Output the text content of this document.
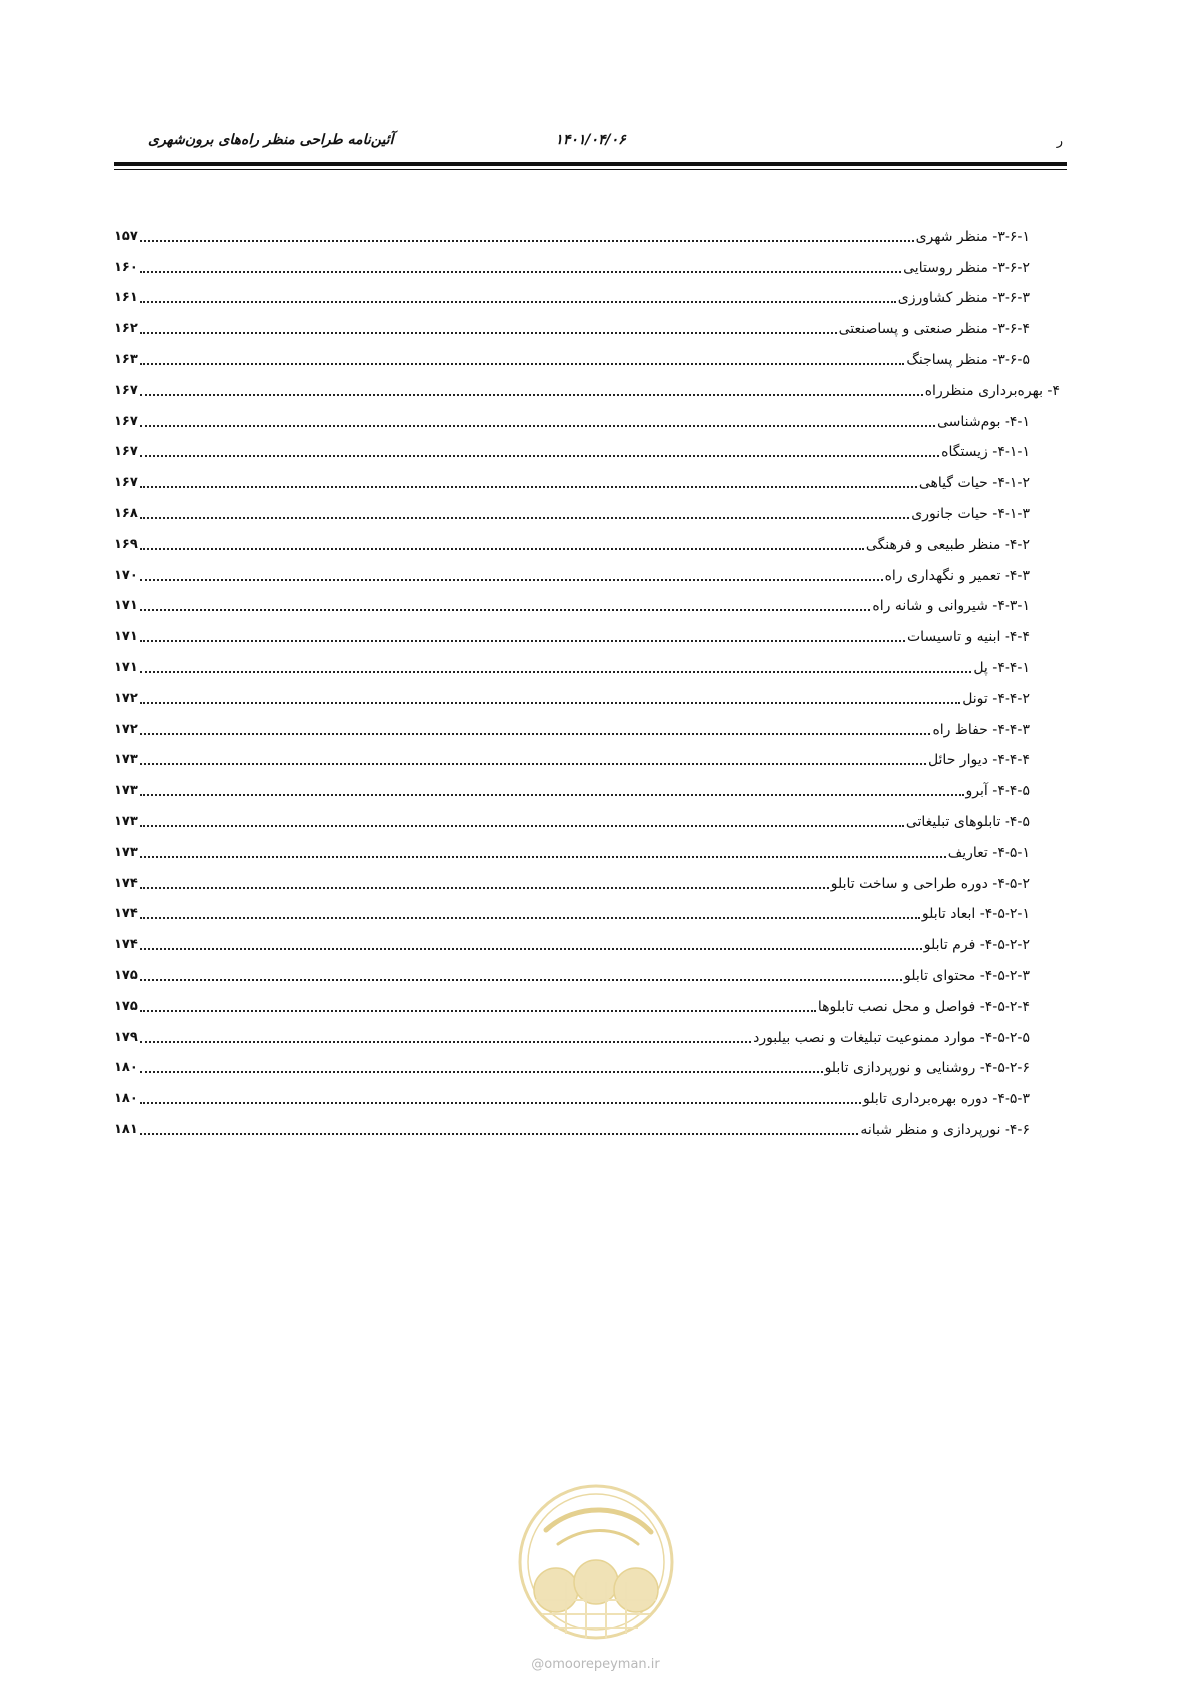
ر
۱۴۰۱/۰۴/۰۶
آئین‌نامه طراحی منظر راه‌های برون‌شهری
۳-۶-۱- منظر شهری
۱۵۷
۳-۶-۲- منظر روستایی
۱۶۰
۳-۶-۳- منظر کشاورزی
۱۶۱
۳-۶-۴- منظر صنعتی و پساصنعتی
۱۶۲
۳-۶-۵- منظر پساجنگ
۱۶۳
۴- بهره‌برداری منظرراه
۱۶۷
۴-۱- بوم‌شناسی
۱۶۷
۴-۱-۱- زیستگاه
۱۶۷
۴-۱-۲- حیات گیاهی
۱۶۷
۴-۱-۳- حیات جانوری
۱۶۸
۴-۲- منظر طبیعی و فرهنگی
۱۶۹
۴-۳- تعمیر و نگهداری راه
۱۷۰
۴-۳-۱- شیروانی و شانه راه
۱۷۱
۴-۴- ابنیه و تاسیسات
۱۷۱
۴-۴-۱- پل
۱۷۱
۴-۴-۲- تونل
۱۷۲
۴-۴-۳- حفاظ راه
۱۷۲
۴-۴-۴- دیوار حائل
۱۷۳
۴-۴-۵- آبرو
۱۷۳
۴-۵- تابلوهای تبلیغاتی
۱۷۳
۴-۵-۱- تعاریف
۱۷۳
۴-۵-۲- دوره طراحی و ساخت تابلو
۱۷۴
۴-۵-۲-۱- ابعاد تابلو
۱۷۴
۴-۵-۲-۲- فرم تابلو
۱۷۴
۴-۵-۲-۳- محتوای تابلو
۱۷۵
۴-۵-۲-۴- فواصل و محل نصب تابلوها
۱۷۵
۴-۵-۲-۵- موارد ممنوعیت تبلیغات و نصب بیلبورد
۱۷۹
۴-۵-۲-۶- روشنایی و نورپردازی تابلو
۱۸۰
۴-۵-۳- دوره بهره‌برداری تابلو
۱۸۰
۴-۶- نورپردازی و منظر شبانه
۱۸۱
@omoorepeyman.ir
